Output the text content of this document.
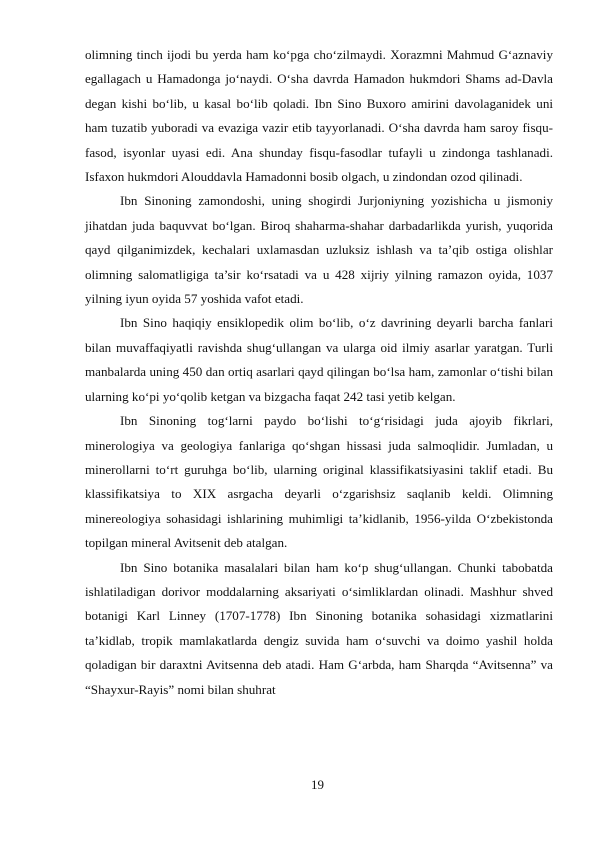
olimning tinch ijodi bu yerda ham ko‘pga cho‘zilmaydi. Xorazmni Mahmud G‘aznaviy egallagach u Hamadonga jo‘naydi. O‘sha davrda Hamadon hukmdori Shams ad-Davla degan kishi bo‘lib, u kasal bo‘lib qoladi. Ibn Sino Buxoro amirini davolaganidek uni ham tuzatib yuboradi va evaziga vazir etib tayyorlanadi. O‘sha davrda ham saroy fisqu-fasod, isyonlar uyasi edi. Ana shunday fisqu-fasodlar tufayli u zindonga tashlanadi. Isfaxon hukmdori Alouddavla Hamadonni bosib olgach, u zindondan ozod qilinadi.

Ibn Sinoning zamondoshi, uning shogirdi Jurjoniyning yozishicha u jismoniy jihatdan juda baquvvat bo‘lgan. Biroq shaharma-shahar darbadarlikda yurish, yuqorida qayd qilganimizdek, kechalari uxlamasdan uzluksiz ishlash va ta’qib ostiga olishlar olimning salomatligiga ta’sir ko‘rsatadi va u 428 xijriy yilning ramazon oyida, 1037 yilning iyun oyida 57 yoshida vafot etadi.

Ibn Sino haqiqiy ensiklopedik olim bo‘lib, o‘z davrining deyarli barcha fanlari bilan muvaffaqiyatli ravishda shug‘ullangan va ularga oid ilmiy asarlar yaratgan. Turli manbalarda uning 450 dan ortiq asarlari qayd qilingan bo‘lsa ham, zamonlar o‘tishi bilan ularning ko‘pi yo‘qolib ketgan va bizgacha faqat 242 tasi yetib kelgan.

Ibn Sinoning tog‘larni paydo bo‘lishi to‘g‘risidagi juda ajoyib fikrlari, minerologiya va geologiya fanlariga qo‘shgan hissasi juda salmoqlidir. Jumladan, u minerollarni to‘rt guruhga bo‘lib, ularning original klassifikatsiyasini taklif etadi. Bu klassifikatsiya to XIX asrgacha deyarli o‘zgarishsiz saqlanib keldi. Olimning minereologiya sohasidagi ishlarining muhimligi ta’kidlanib, 1956-yilda O‘zbekistonda topilgan mineral Avitsenit deb atalgan.

Ibn Sino botanika masalalari bilan ham ko‘p shug‘ullangan. Chunki tabobatda ishlatiladigan dorivor moddalarning aksariyati o‘simliklardan olinadi. Mashhur shved botanigi Karl Linney (1707-1778) Ibn Sinoning botanika sohasidagi xizmatlarini ta’kidlab, tropik mamlakatlarda dengiz suvida ham o‘suvchi va doimo yashil holda qoladigan bir daraxtni Avitsenna deb atadi. Ham G‘arbda, ham Sharqda “Avitsenna” va “Shayxur-Rayis” nomi bilan shuhrat

19
